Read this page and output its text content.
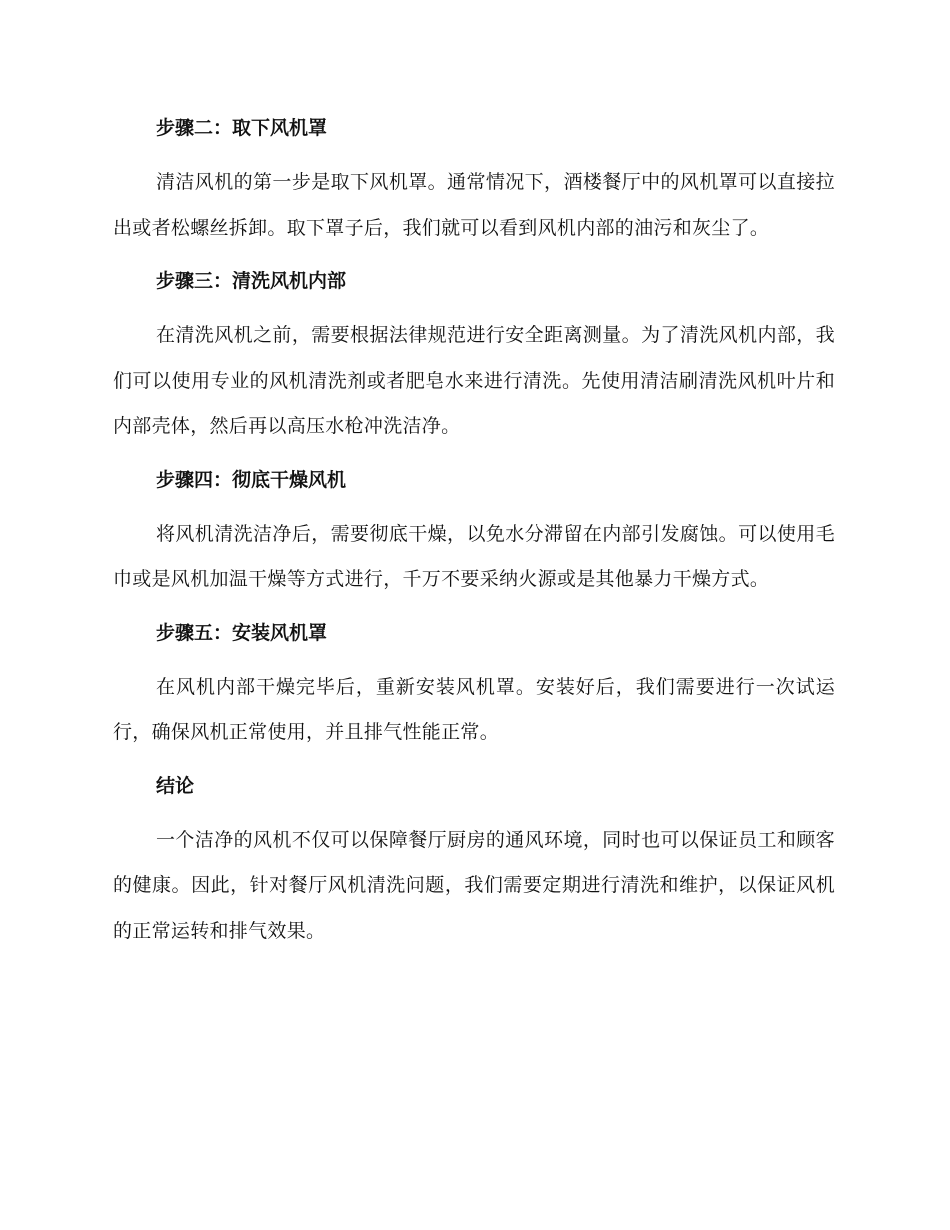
步骤二：取下风机罩

清洁风机的第一步是取下风机罩。通常情况下，酒楼餐厅中的风机罩可以直接拉出或者松螺丝拆卸。取下罩子后，我们就可以看到风机内部的油污和灰尘了。

步骤三：清洗风机内部

在清洗风机之前，需要根据法律规范进行安全距离测量。为了清洗风机内部，我们可以使用专业的风机清洗剂或者肥皂水来进行清洗。先使用清洁刷清洗风机叶片和内部壳体，然后再以高压水枪冲洗洁净。

步骤四：彻底干燥风机

将风机清洗洁净后，需要彻底干燥，以免水分滞留在内部引发腐蚀。可以使用毛巾或是风机加温干燥等方式进行，千万不要采纳火源或是其他暴力干燥方式。

步骤五：安装风机罩

在风机内部干燥完毕后，重新安装风机罩。安装好后，我们需要进行一次试运行，确保风机正常使用，并且排气性能正常。

结论

一个洁净的风机不仅可以保障餐厅厨房的通风环境，同时也可以保证员工和顾客的健康。因此，针对餐厅风机清洗问题，我们需要定期进行清洗和维护，以保证风机的正常运转和排气效果。
